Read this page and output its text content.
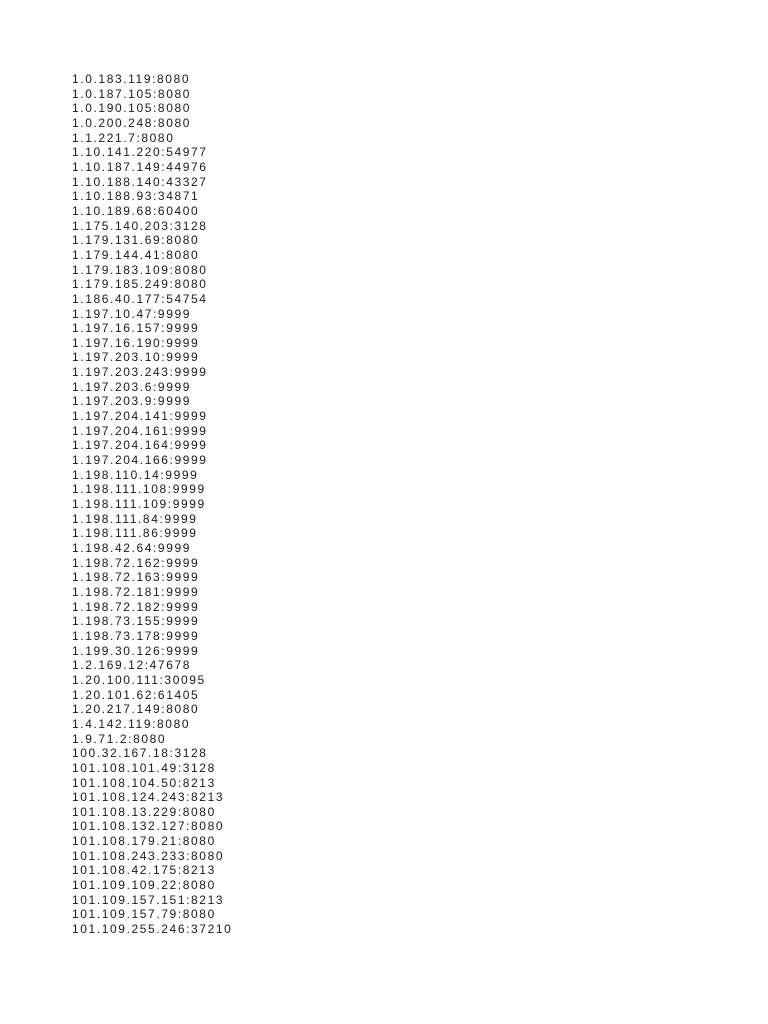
1.0.183.119:8080
1.0.187.105:8080
1.0.190.105:8080
1.0.200.248:8080
1.1.221.7:8080
1.10.141.220:54977
1.10.187.149:44976
1.10.188.140:43327
1.10.188.93:34871
1.10.189.68:60400
1.175.140.203:3128
1.179.131.69:8080
1.179.144.41:8080
1.179.183.109:8080
1.179.185.249:8080
1.186.40.177:54754
1.197.10.47:9999
1.197.16.157:9999
1.197.16.190:9999
1.197.203.10:9999
1.197.203.243:9999
1.197.203.6:9999
1.197.203.9:9999
1.197.204.141:9999
1.197.204.161:9999
1.197.204.164:9999
1.197.204.166:9999
1.198.110.14:9999
1.198.111.108:9999
1.198.111.109:9999
1.198.111.84:9999
1.198.111.86:9999
1.198.42.64:9999
1.198.72.162:9999
1.198.72.163:9999
1.198.72.181:9999
1.198.72.182:9999
1.198.73.155:9999
1.198.73.178:9999
1.199.30.126:9999
1.2.169.12:47678
1.20.100.111:30095
1.20.101.62:61405
1.20.217.149:8080
1.4.142.119:8080
1.9.71.2:8080
100.32.167.18:3128
101.108.101.49:3128
101.108.104.50:8213
101.108.124.243:8213
101.108.13.229:8080
101.108.132.127:8080
101.108.179.21:8080
101.108.243.233:8080
101.108.42.175:8213
101.109.109.22:8080
101.109.157.151:8213
101.109.157.79:8080
101.109.255.246:37210
